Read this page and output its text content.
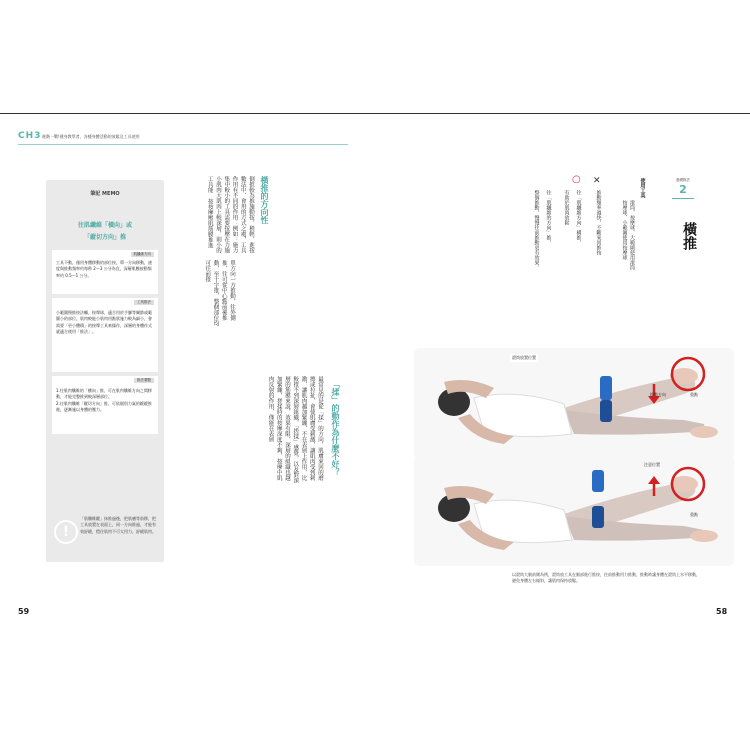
CH3 進階一戰!健身教學者、各種身體活動的放鬆及工具使用
筆記 MEMO
往肌纖維「橫向」或
「縱切方向」推
肌纖維方向
工具不動，僅用身體移動的部位按，單一方向移動，速度與推動頻率約每秒 2～3 公分為宜，深層肌膜按動頻率約 0.5～1 公分。
工具推法
小範圍慢推按法輔，按摩球，適合用於手腳等關節或範圍小的部位。肌肉較能小肌肉用點狀施力較為細小，會需要「更小體積」的按摩工具來操作，深層的身體作式就適合使用「推法」。
推法要點
1.往肌肉纖維的「橫向」推，可在肌肉纖維方向之間移動，才能完整推到較深層部位。
2.往肌肉纖維「縱切方向」推，可依個別力氣的緩緩推進，逐漸施以身體的壓力。
!
「肌纖維縱」抹推過後，把肌膚等前移，把工具放置在表面上，同一方向推過，才能有效舒緩，穩住肌肉不可太用力，舒緩肌肉。
倒推較為推施動按，稍輕，進按數法中，會用的方式之處，工具作用有不同的作用：例如：施力集中較小的工具需要按壓在力施小肌肉大肌肉上較深層，則小的工具能 按按摩壓肌筋膜推進	橫推的方向性
單方向一方推動，往外側推，往可從中心點前後推動，至十字推，整個部位均可往前推
「揉」的動作為什麼不好？
最常見的是從「揉」的方向，肌膚來回的磨擦或拉扯，會使肌膚受刺激，讓肌肉受到刺激，讓肌肉越加緊繃，不在表層上作用，比較推不到深層組織，「搓揉」感覺，以及對深層的筋膜來說，效果有限，深層的組織也越加緊繃，搓揉時的按摩深度不夠，按摩中肌肉反射的作用，僅能在表層
基礎推法
2
橫推
使用工具
滾筒、按摩球、大範圍使用滾筒
按摩球、小範圍使用按摩球
✕
推動頻率過快，不斷來回推按
○
往「肌纖維方向」橫推，
有助於肌肉放鬆
往「肌纖維的方向」推，
整個推動，慢慢往前推動更有效果。
滾筒放置位置
推動方向	重點
注意位置
重點
以滾筒大腿前側為例，滾筒放工具在腿部進行推按，往前推動用力推動，推動時讓身體在滾筒上水平移動，避免身體左右傾斜，讓肌肉保持放鬆。
59	58
